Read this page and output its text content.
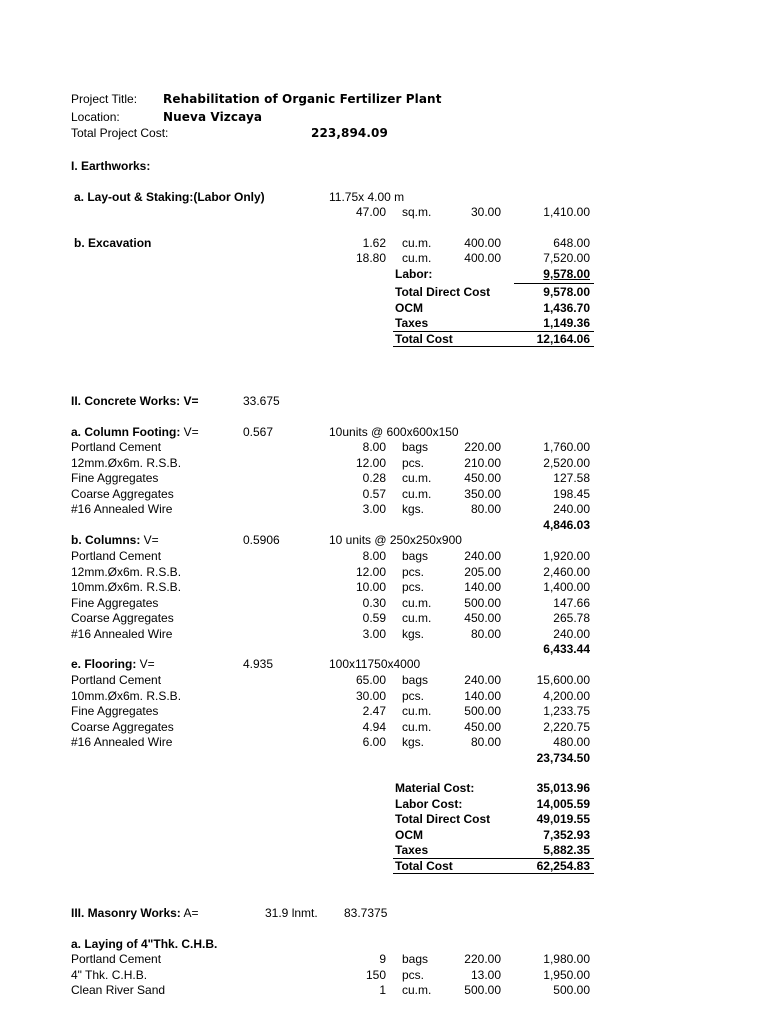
Project Title: Rehabilitation of Organic Fertilizer Plant
Location:	Nueva Vizcaya
Total Project Cost:	223,894.09
I. Earthworks:
a. Lay-out & Staking:(Labor Only)	11.75x 4.00 m
47.00 sq.m.	30.00	1,410.00
b. Excavation	1.62 cu.m.	400.00	648.00
18.80 cu.m.	400.00	7,520.00
Labor:	9,578.00
Total Direct Cost	9,578.00
OCM	1,436.70
Taxes	1,149.36
Total Cost	12,164.06
II. Concrete Works: V=	33.675
a. Column Footing: V=	0.567	10units @ 600x600x150
Portland Cement	8.00 bags	220.00	1,760.00
12mm.Øx6m. R.S.B.	12.00 pcs.	210.00	2,520.00
Fine Aggregates	0.28 cu.m.	450.00	127.58
Coarse Aggregates	0.57 cu.m.	350.00	198.45
#16 Annealed Wire	3.00 kgs.	80.00	240.00
4,846.03
b. Columns: V=	0.5906	10 units @ 250x250x900
Portland Cement	8.00 bags	240.00	1,920.00
12mm.Øx6m. R.S.B.	12.00 pcs.	205.00	2,460.00
10mm.Øx6m. R.S.B.	10.00 pcs.	140.00	1,400.00
Fine Aggregates	0.30 cu.m.	500.00	147.66
Coarse Aggregates	0.59 cu.m.	450.00	265.78
#16 Annealed Wire	3.00 kgs.	80.00	240.00
6,433.44
e. Flooring: V=	4.935	100x11750x4000
Portland Cement	65.00 bags	240.00	15,600.00
10mm.Øx6m. R.S.B.	30.00 pcs.	140.00	4,200.00
Fine Aggregates	2.47 cu.m.	500.00	1,233.75
Coarse Aggregates	4.94 cu.m.	450.00	2,220.75
#16 Annealed Wire	6.00 kgs.	80.00	480.00
23,734.50
Material Cost:	35,013.96
Labor Cost:	14,005.59
Total Direct Cost	49,019.55
OCM	7,352.93
Taxes	5,882.35
Total Cost	62,254.83
III. Masonry Works: A=	31.9 lnmt. 83.7375
a. Laying of 4"Thk. C.H.B.
Portland Cement	9 bags	220.00	1,980.00
4" Thk. C.H.B.	150 pcs.	13.00	1,950.00
Clean River Sand	1 cu.m.	500.00	500.00
